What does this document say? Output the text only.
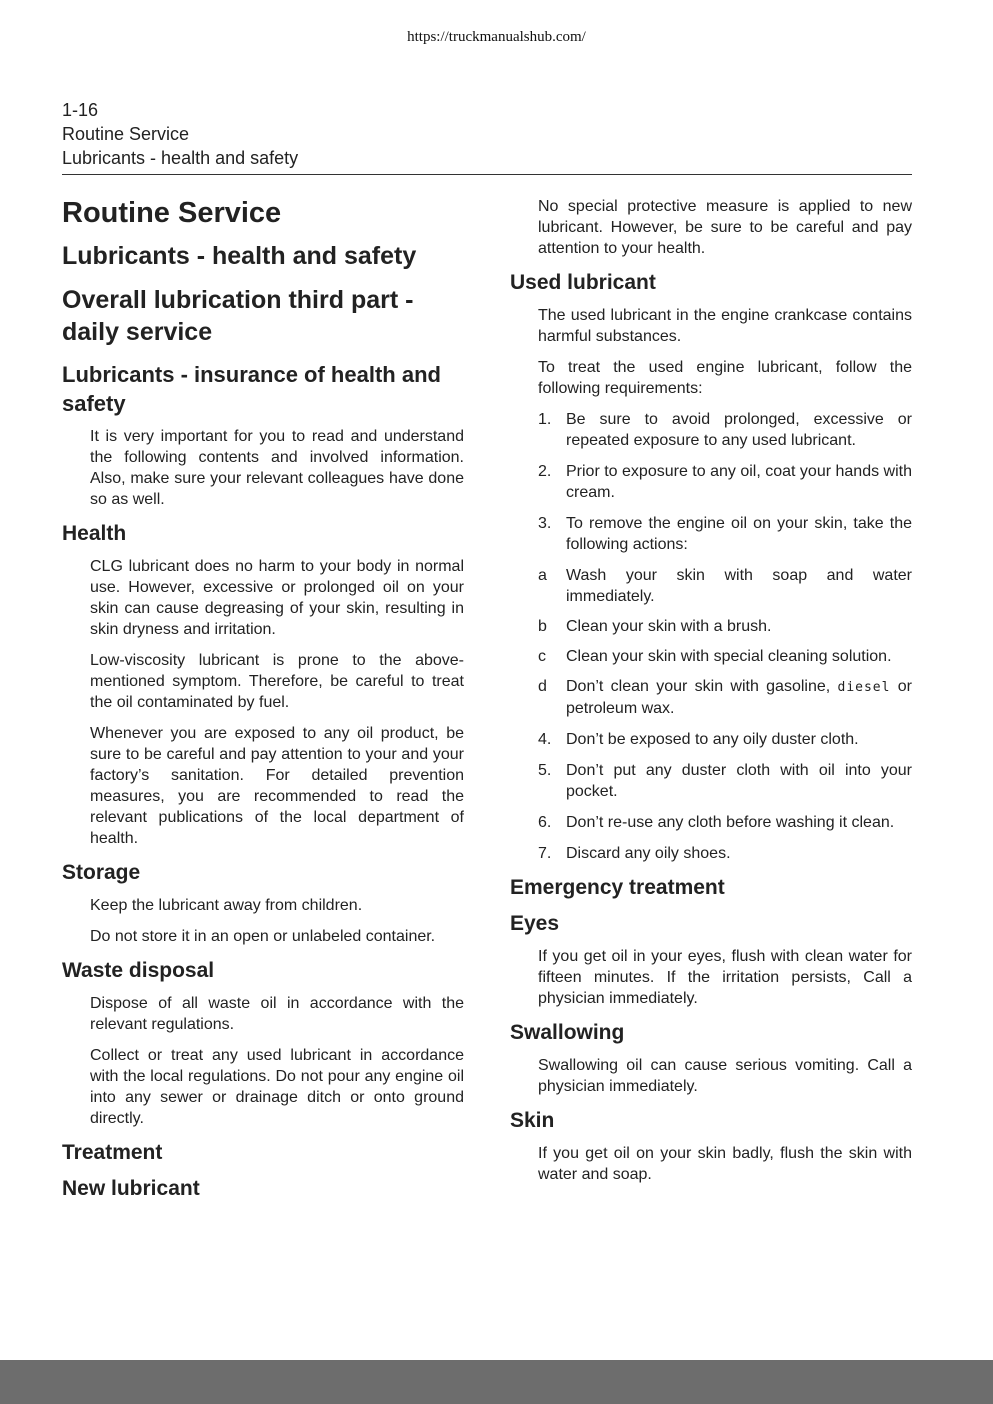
https://truckmanualshub.com/
1-16
Routine Service
Lubricants - health and safety
Routine Service
Lubricants - health and safety
Overall lubrication third part - daily service
Lubricants - insurance of health and safety

It is very important for you to read and understand the following contents and involved information. Also, make sure your relevant colleagues have done so as well.

Health

CLG lubricant does no harm to your body in normal use. However, excessive or prolonged oil on your skin can cause degreasing of your skin, resulting in skin dryness and irritation.

Low-viscosity lubricant is prone to the above-mentioned symptom. Therefore, be careful to treat the oil contaminated by fuel.

Whenever you are exposed to any oil product, be sure to be careful and pay attention to your and your factory’s sanitation. For detailed prevention measures, you are recommended to read the relevant publications of the local department of health.

Storage

Keep the lubricant away from children.

Do not store it in an open or unlabeled container.

Waste disposal

Dispose of all waste oil in accordance with the relevant regulations.

Collect or treat any used lubricant in accordance with the local regulations. Do not pour any engine oil into any sewer or drainage ditch or onto ground directly.

Treatment
New lubricant

No special protective measure is applied to new lubricant. However, be sure to be careful and pay attention to your health.

Used lubricant

The used lubricant in the engine crankcase contains harmful substances.

To treat the used engine lubricant, follow the following requirements:

1. Be sure to avoid prolonged, excessive or repeated exposure to any used lubricant.
2. Prior to exposure to any oil, coat your hands with cream.
3. To remove the engine oil on your skin, take the following actions:
a Wash your skin with soap and water immediately.
b Clean your skin with a brush.
c Clean your skin with special cleaning solution.
d Don’t clean your skin with gasoline, diesel or petroleum wax.
4. Don’t be exposed to any oily duster cloth.
5. Don’t put any duster cloth with oil into your pocket.
6. Don’t re-use any cloth before washing it clean.
7. Discard any oily shoes.
Emergency treatment
Eyes

If you get oil in your eyes, flush with clean water for fifteen minutes. If the irritation persists, Call a physician immediately.

Swallowing

Swallowing oil can cause serious vomiting. Call a physician immediately.

Skin

If you get oil on your skin badly, flush the skin with water and soap.
